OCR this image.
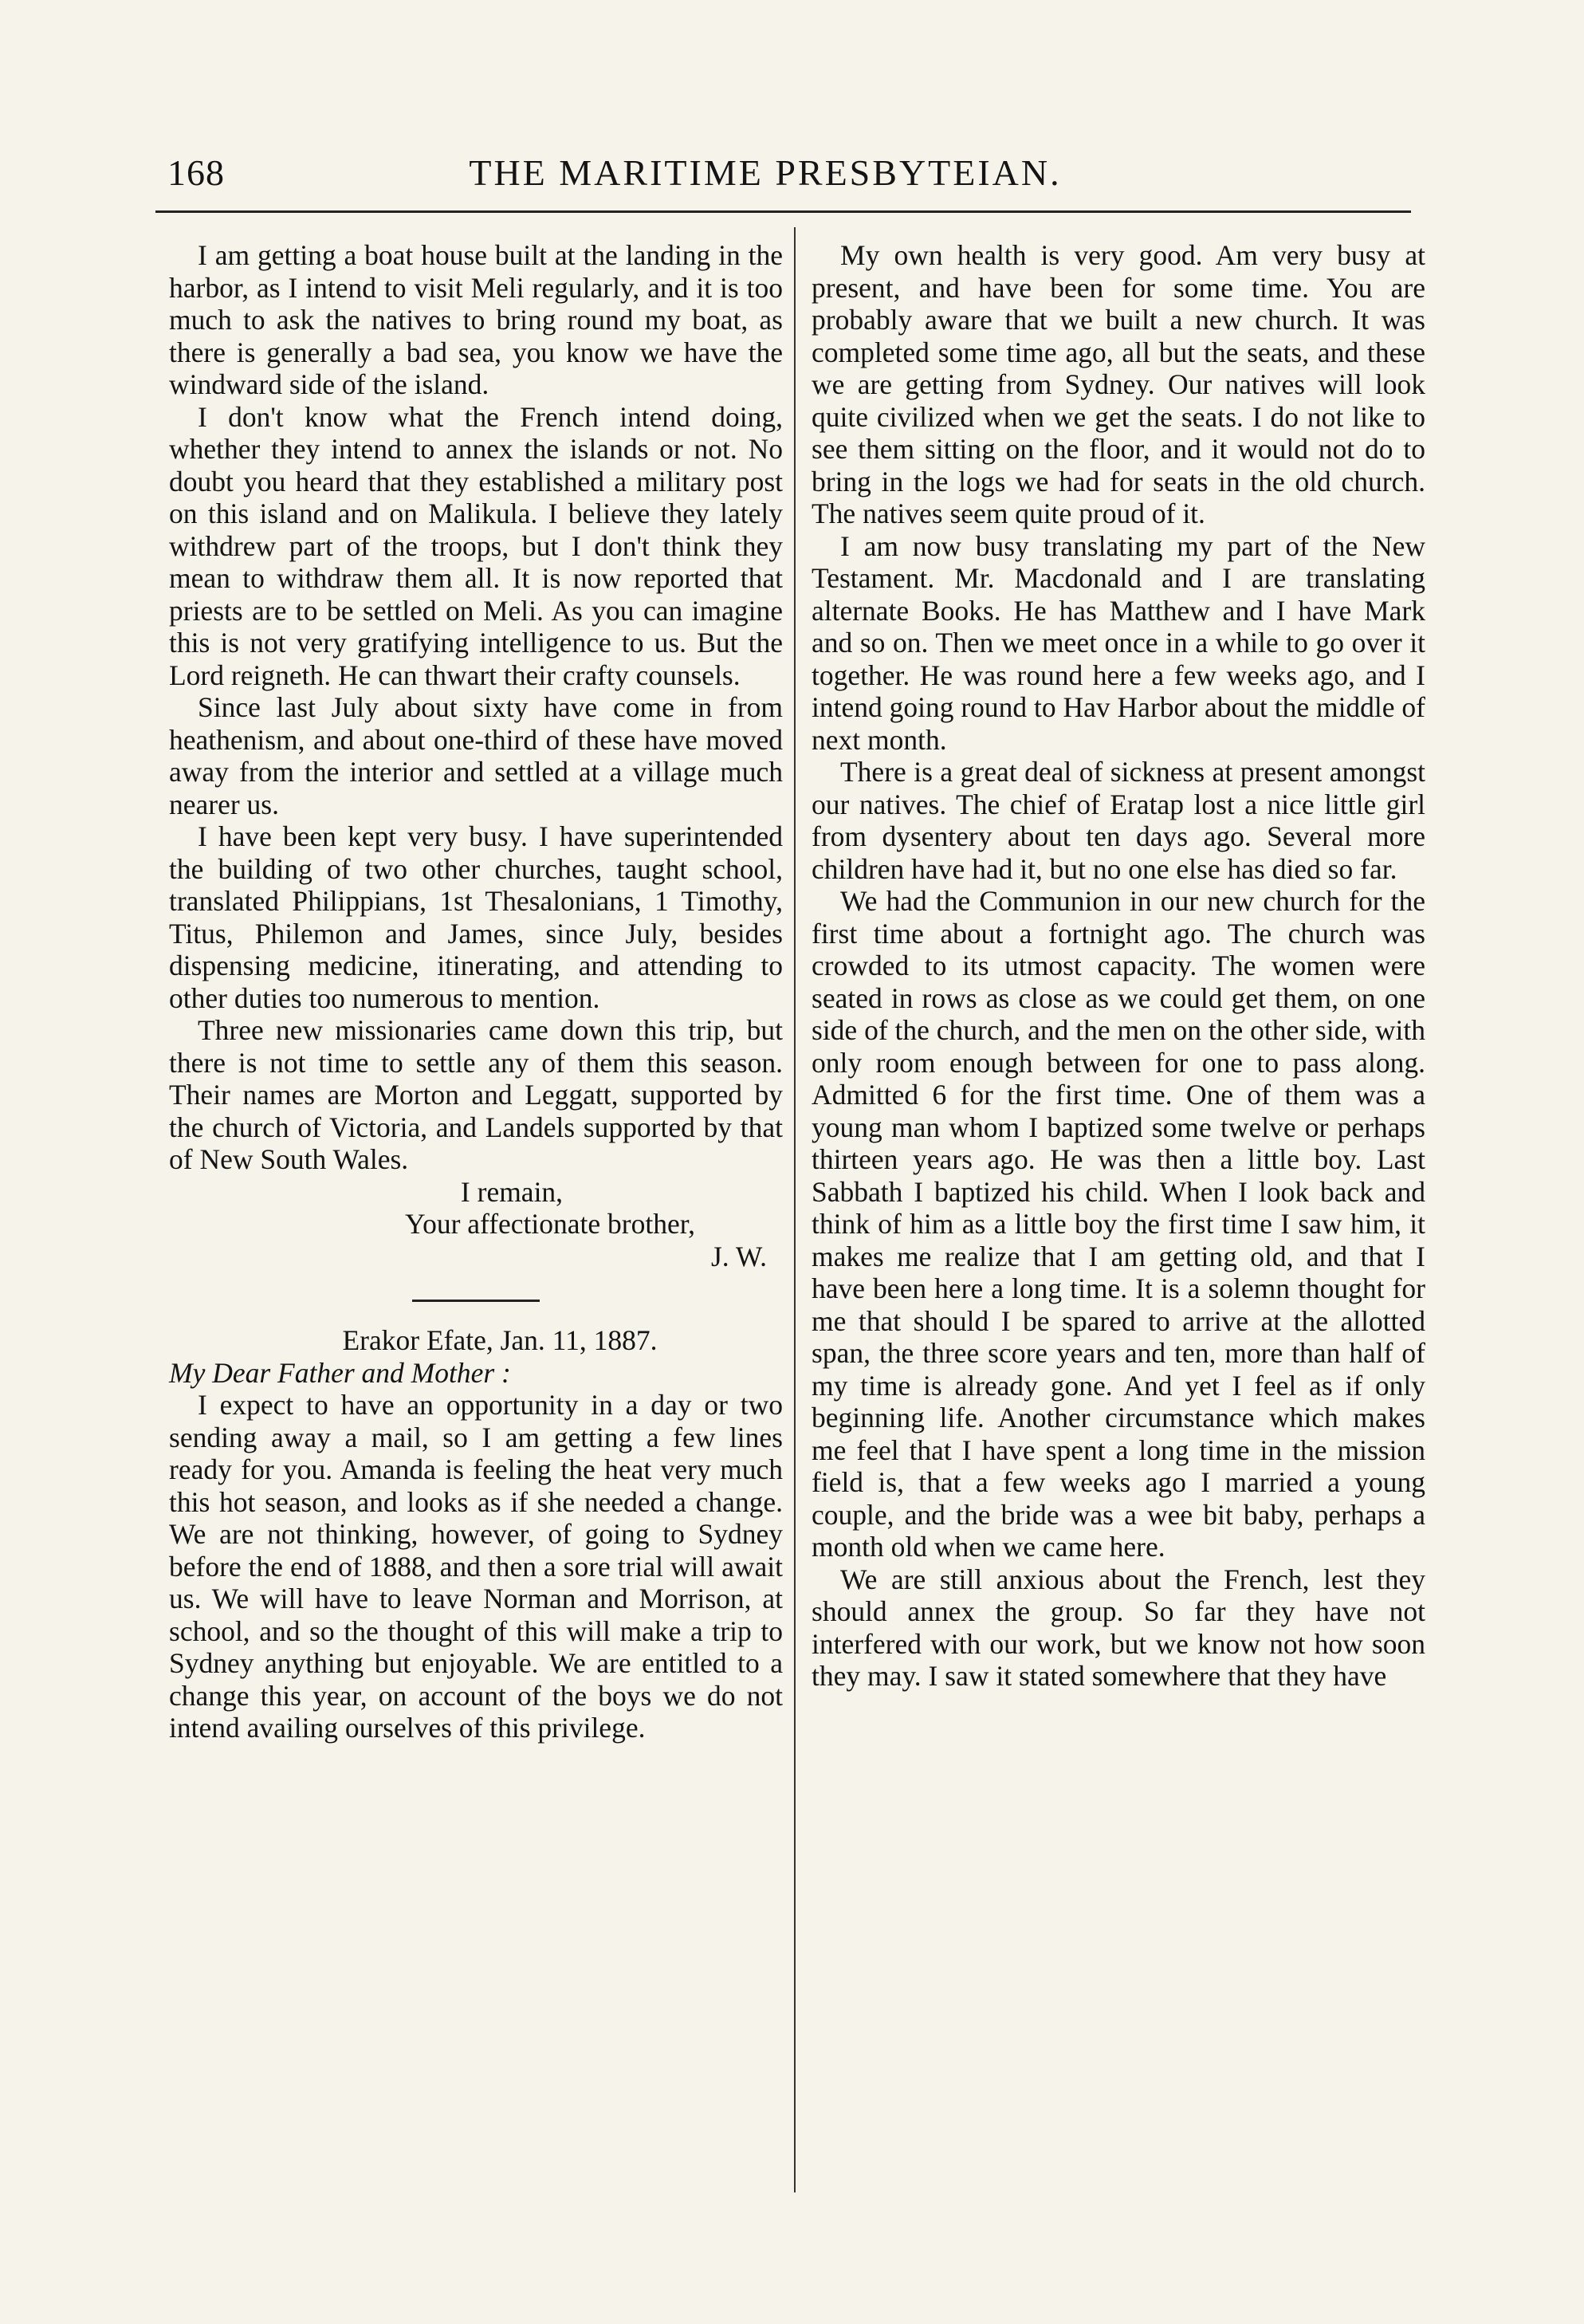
168	THE MARITIME PRESBYTEIAN.

I am getting a boat house built at the landing in the harbor, as I intend to visit Meli regularly, and it is too much to ask the natives to bring round my boat, as there is generally a bad sea, you know we have the windward side of the island.

I don't know what the French intend doing, whether they intend to annex the islands or not. No doubt you heard that they established a military post on this island and on Malikula. I believe they lately withdrew part of the troops, but I don't think they mean to withdraw them all. It is now reported that priests are to be settled on Meli. As you can imagine this is not very gratifying intelligence to us. But the Lord reigneth. He can thwart their crafty counsels.

Since last July about sixty have come in from heathenism, and about one-third of these have moved away from the interior and settled at a village much nearer us.

I have been kept very busy. I have superintended the building of two other churches, taught school, translated Philippians, 1st Thesalonians, 1 Timothy, Titus, Philemon and James, since July, besides dispensing medicine, itinerating, and attending to other duties too numerous to mention.

Three new missionaries came down this trip, but there is not time to settle any of them this season. Their names are Morton and Leggatt, supported by the church of Victoria, and Landels supported by that of New South Wales.

I remain,

Your affectionate brother,

J. W.

Erakor Efate, Jan. 11, 1887.

My Dear Father and Mother :

I expect to have an opportunity in a day or two sending away a mail, so I am getting a few lines ready for you. Amanda is feeling the heat very much this hot season, and looks as if she needed a change. We are not thinking, however, of going to Sydney before the end of 1888, and then a sore trial will await us. We will have to leave Norman and Morrison, at school, and so the thought of this will make a trip to Sydney anything but enjoyable. We are entitled to a change this year, on account of the boys we do not intend availing ourselves of this privilege.

My own health is very good. Am very busy at present, and have been for some time. You are probably aware that we built a new church. It was completed some time ago, all but the seats, and these we are getting from Sydney. Our natives will look quite civilized when we get the seats. I do not like to see them sitting on the floor, and it would not do to bring in the logs we had for seats in the old church. The natives seem quite proud of it.

I am now busy translating my part of the New Testament. Mr. Macdonald and I are translating alternate Books. He has Matthew and I have Mark and so on. Then we meet once in a while to go over it together. He was round here a few weeks ago, and I intend going round to Hav Harbor about the middle of next month.

There is a great deal of sickness at present amongst our natives. The chief of Eratap lost a nice little girl from dysentery about ten days ago. Several more children have had it, but no one else has died so far.

We had the Communion in our new church for the first time about a fortnight ago. The church was crowded to its utmost capacity. The women were seated in rows as close as we could get them, on one side of the church, and the men on the other side, with only room enough between for one to pass along. Admitted 6 for the first time. One of them was a young man whom I baptized some twelve or perhaps thirteen years ago. He was then a little boy. Last Sabbath I baptized his child. When I look back and think of him as a little boy the first time I saw him, it makes me realize that I am getting old, and that I have been here a long time. It is a solemn thought for me that should I be spared to arrive at the allotted span, the three score years and ten, more than half of my time is already gone. And yet I feel as if only beginning life. Another circumstance which makes me feel that I have spent a long time in the mission field is, that a few weeks ago I married a young couple, and the bride was a wee bit baby, perhaps a month old when we came here.

We are still anxious about the French, lest they should annex the group. So far they have not interfered with our work, but we know not how soon they may. I saw it stated somewhere that they have
